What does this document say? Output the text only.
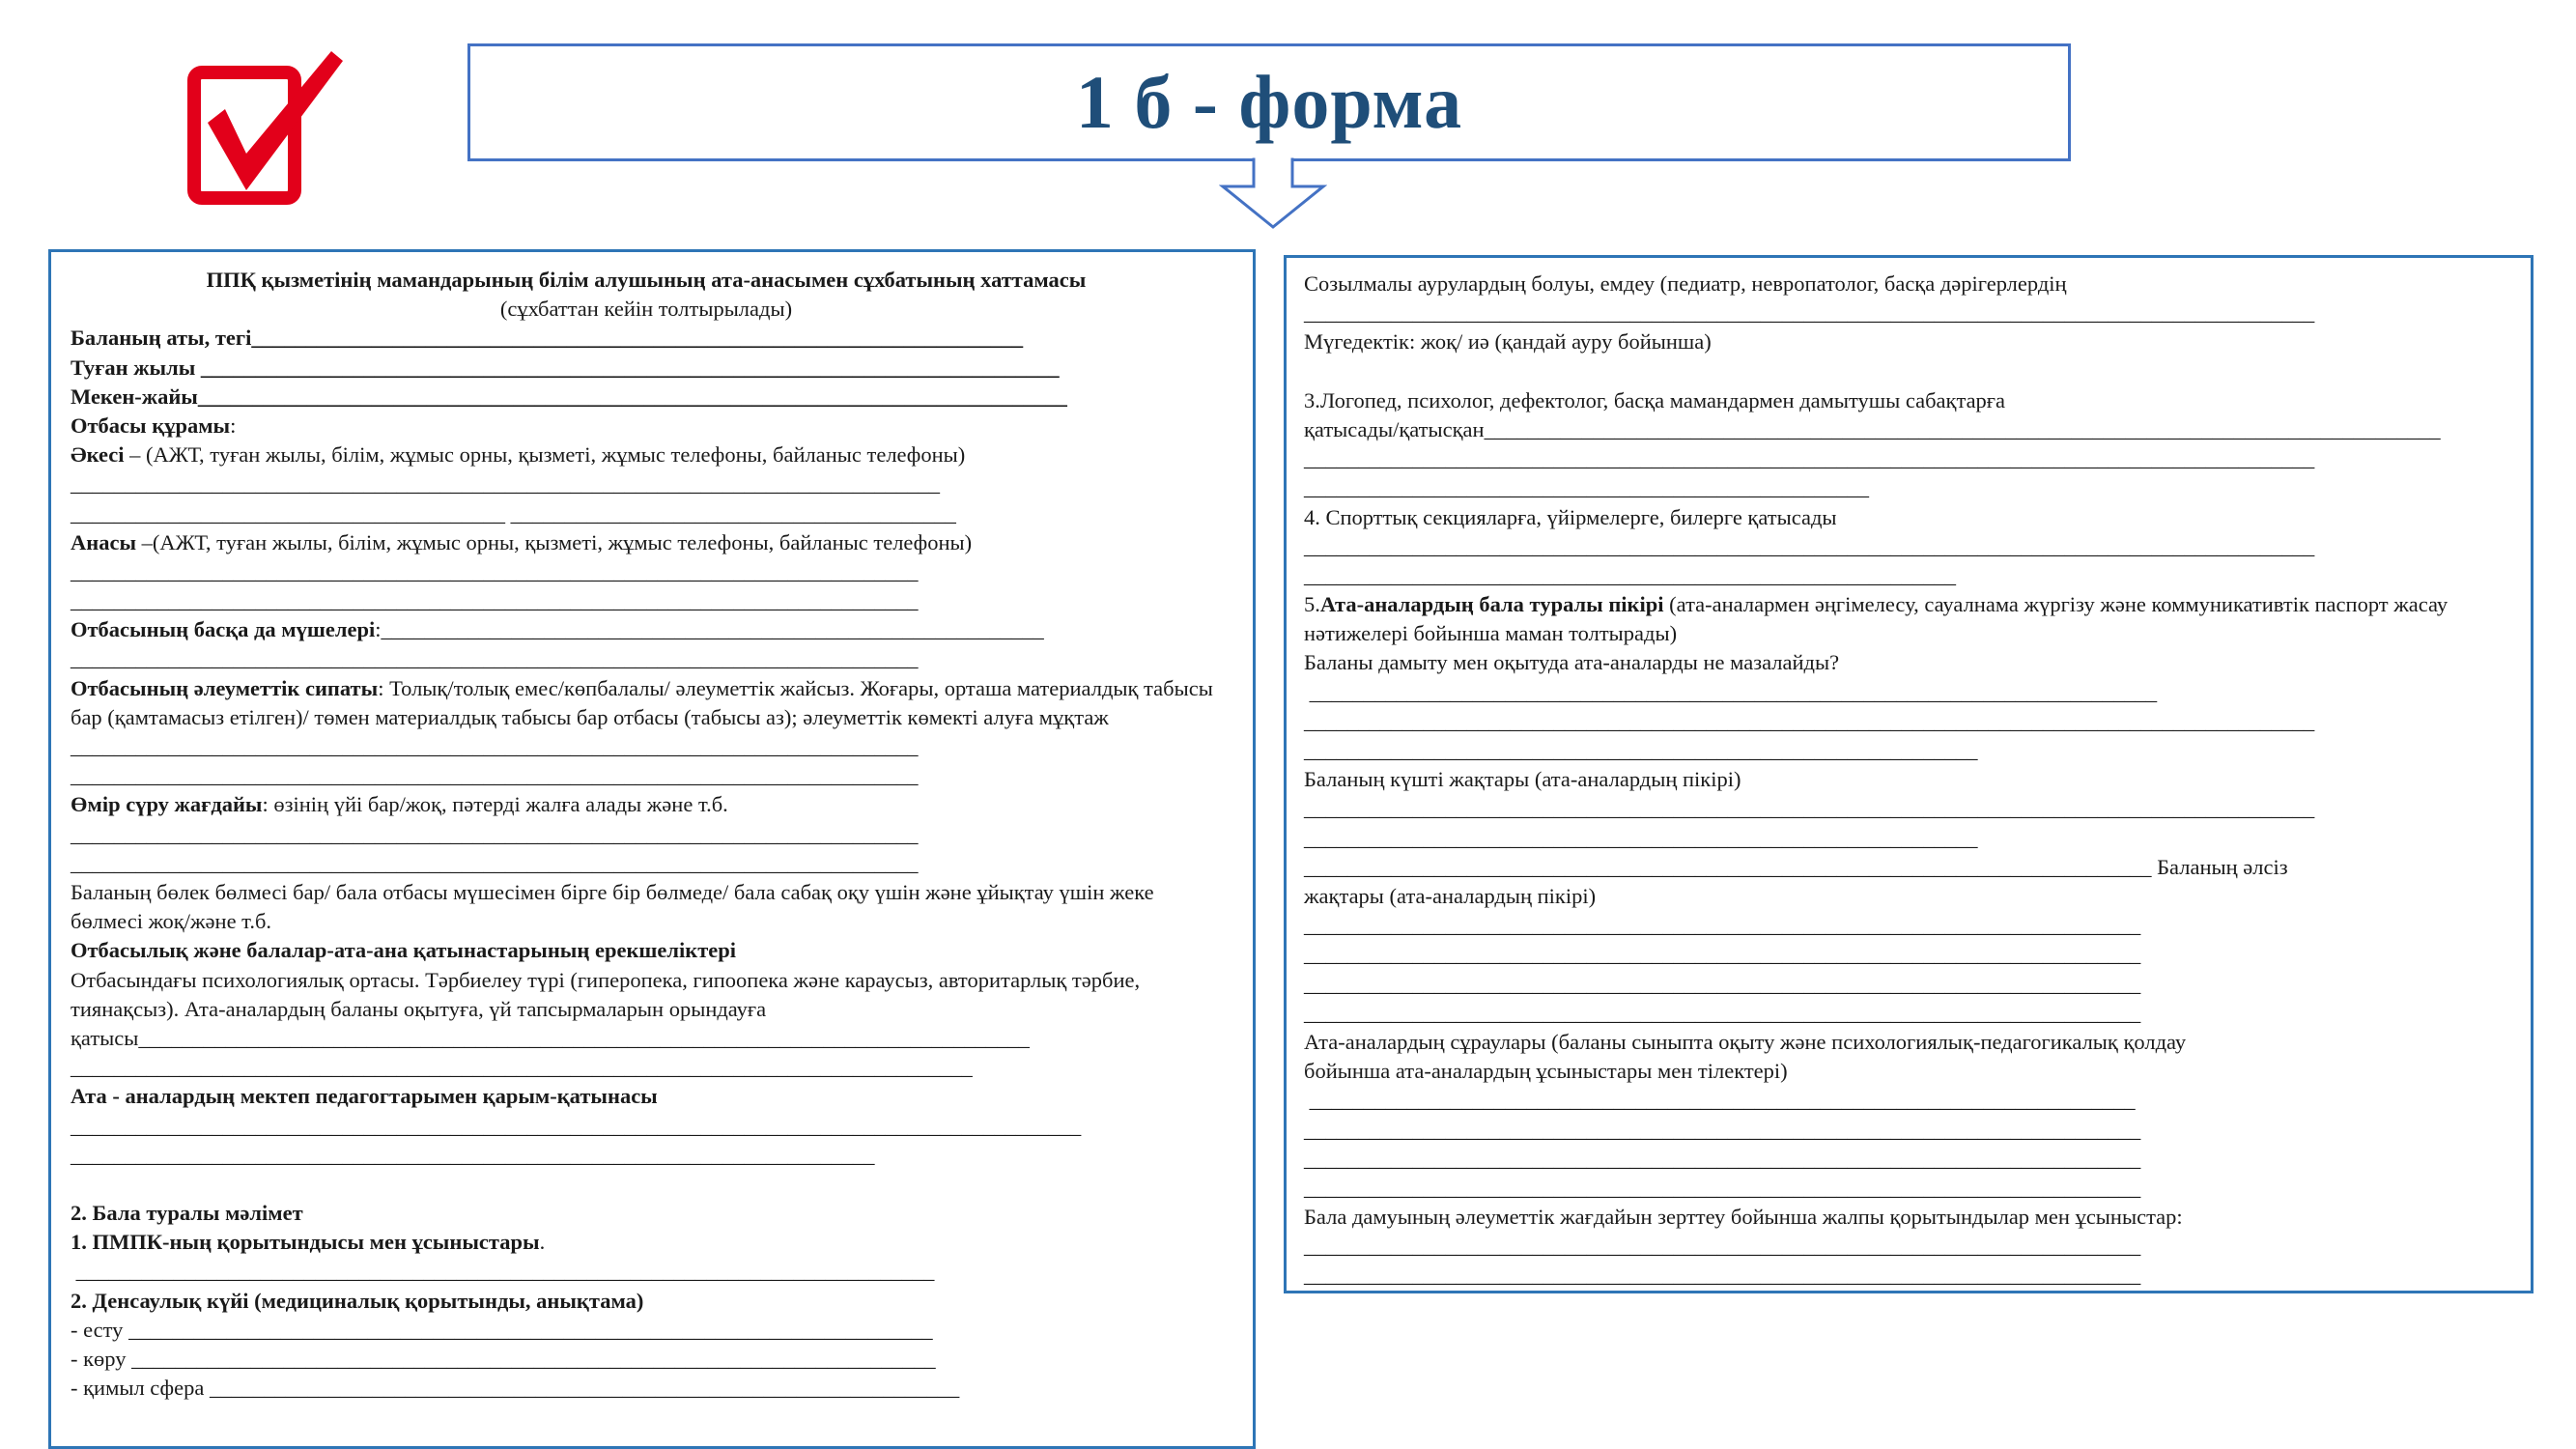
1 б - форма

ППҚ қызметінің мамандарының білім алушының ата-анасымен сұхбатының хаттамасы

(сұхбаттан кейін толтырылады)

Баланың аты, тегі_______________________________________________________________________

Туған жылы _______________________________________________________________________________

Мекен-жайы________________________________________________________________________________

Отбасы құрамы:

Әкесі – (АЖТ, туған жылы, білім, жұмыс орны, қызметі, жұмыс телефоны, байланыс телефоны)

________________________________________________________________________________

________________________________________ _________________________________________

Анасы –(АЖТ, туған жылы, білім, жұмыс орны, қызметі, жұмыс телефоны, байланыс телефоны)

______________________________________________________________________________

______________________________________________________________________________

Отбасының басқа да мүшелері:_____________________________________________________________

______________________________________________________________________________

Отбасының әлеуметтік сипаты: Толық/толық емес/көпбалалы/ әлеуметтік жайсыз. Жоғары, орташа материалдық табысы бар (қамтамасыз етілген)/ төмен материалдық табысы бар отбасы (табысы аз); әлеуметтік көмекті алуға мұқтаж

______________________________________________________________________________

______________________________________________________________________________

Өмір сүру жағдайы: өзінің үйі бар/жоқ, пәтерді жалға алады және т.б.

______________________________________________________________________________

______________________________________________________________________________

Баланың бөлек бөлмесі бар/ бала отбасы мүшесімен бірге бір бөлмеде/ бала сабақ оқу үшін және ұйықтау үшін жеке бөлмесі жоқ/және т.б.

Отбасылық және балалар-ата-ана қатынастарының ерекшеліктері

Отбасындағы психологиялық ортасы. Тәрбиелеу түрі (гиперопека, гипоопека және караусыз, авторитарлық тәрбие, тиянақсыз). Ата-аналардың баланы оқытуға, үй тапсырмаларын орындауға

қатысы__________________________________________________________________________________

___________________________________________________________________________________

Ата - аналардың мектеп педагогтарымен қарым-қатынасы

_____________________________________________________________________________________________

__________________________________________________________________________

2. Бала туралы мәлімет

1. ПМПК-ның қорытындысы мен ұсыныстары.

_______________________________________________________________________________

2. Денсаулық күйі (медициналық қорытынды, анықтама)

- есту __________________________________________________________________________

- көру __________________________________________________________________________

- қимыл сфера _____________________________________________________________________

Созылмалы аурулардың болуы, емдеу (педиатр, невропатолог, басқа дәрігерлердің

_____________________________________________________________________________________________

Мүгедектік: жоқ/ иә (қандай ауру бойынша)

3.Логопед, психолог, дефектолог, басқа мамандармен дамытушы сабақтарға

қатысады/қатысқан________________________________________________________________________________________

_____________________________________________________________________________________________

____________________________________________________

4. Спорттық секцияларға, үйірмелерге, билерге қатысады

_____________________________________________________________________________________________

____________________________________________________________

5.Ата-аналардың бала туралы пікірі (ата-аналармен әңгімелесу, сауалнама жүргізу және коммуникативтік паспорт жасау нәтижелері бойынша маман толтырады)

Баланы дамыту мен оқытуда ата-аналарды не мазалайды?

______________________________________________________________________________

_____________________________________________________________________________________________

______________________________________________________________

Баланың күшті жақтары (ата-аналардың пікірі)

_____________________________________________________________________________________________

______________________________________________________________

______________________________________________________________________________ Баланың әлсіз

жақтары (ата-аналардың пікірі)

_____________________________________________________________________________

_____________________________________________________________________________

_____________________________________________________________________________

_____________________________________________________________________________

Ата-аналардың сұраулары (баланы сыныпта оқыту және психологиялық-педагогикалық қолдау бойынша ата-аналардың ұсыныстары мен тілектері)

____________________________________________________________________________

_____________________________________________________________________________

_____________________________________________________________________________

_____________________________________________________________________________

Бала дамуының әлеуметтік жағдайын зерттеу бойынша жалпы қорытындылар мен ұсыныстар:

_____________________________________________________________________________

_____________________________________________________________________________
